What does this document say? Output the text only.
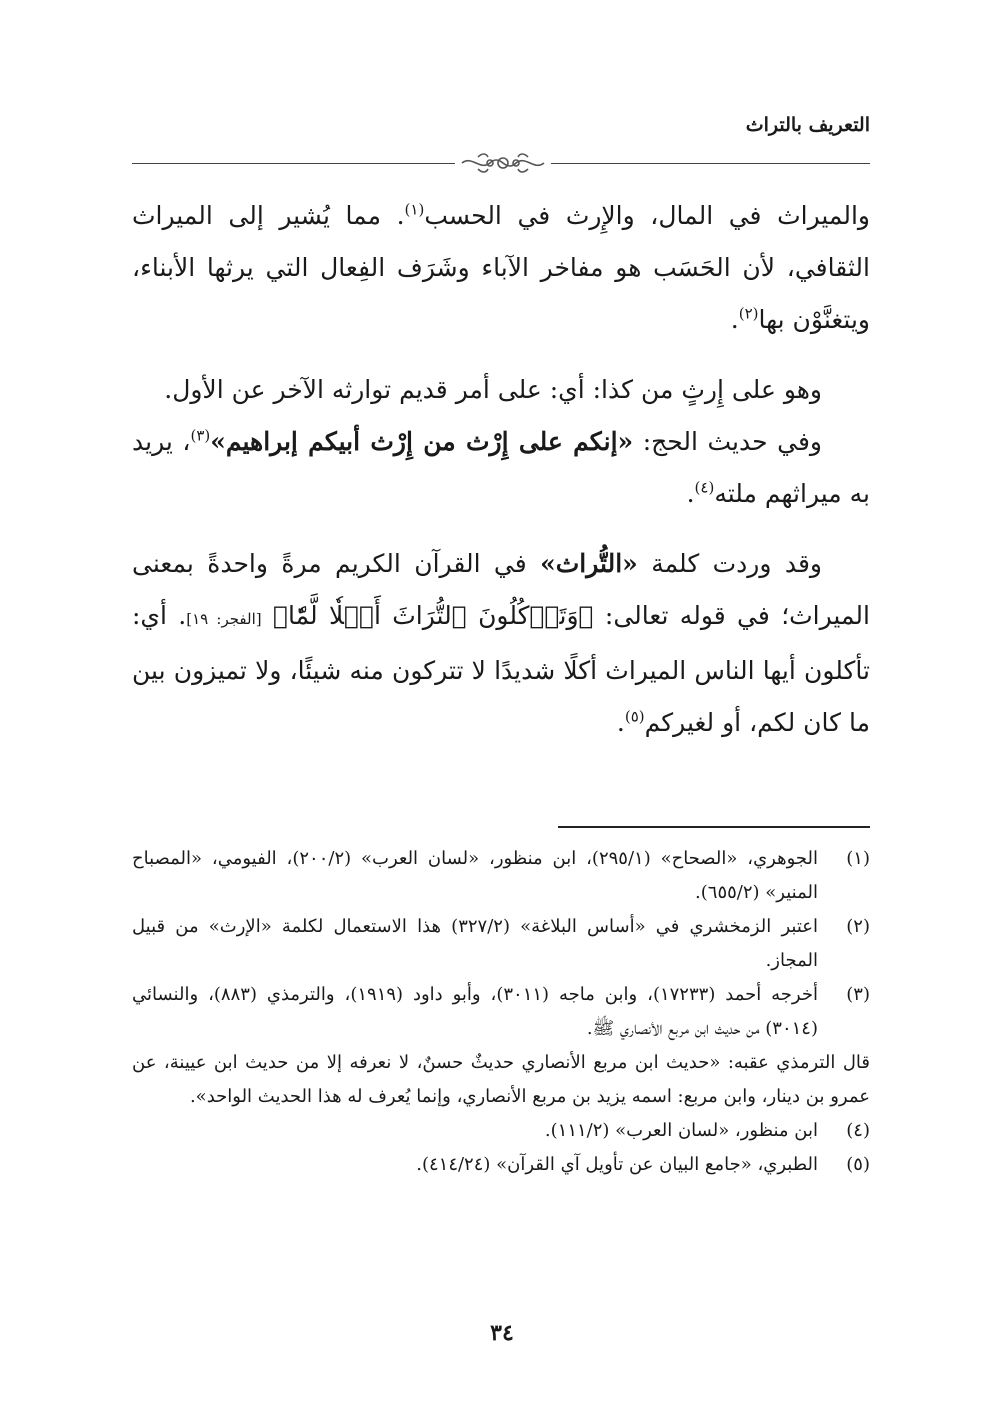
التعريف بالتراث

والميراث في المال، والإِرث في الحسب$^{(١)}$. مما يُشير إلى الميراث الثقافي، لأن الحَسَب هو مفاخر الآباء وشَرَف الفِعال التي يرثها الأبناء، ويتغنَّوْن بها$^{(٢)}$.

وهو على إِرثٍ من كذا: أي: على أمر قديم توارثه الآخر عن الأول.

وفي حديث الحج: «إنكم على إِرْث من إِرْث أبيكم إبراهيم»$^{(٣)}$، يريد به ميراثهم ملته$^{(٤)}$.

وقد وردت كلمة «التُّراث» في القرآن الكريم مرةً واحدةً بمعنى الميراث؛ في قوله تعالى: ﴿وَتَأۡكُلُونَ ٱلتُّرَاثَ أَكۡلٗا لَّمّٗا﴾ [الفجر: ١٩]. أي: تأكلون أيها الناس الميراث أكلًا شديدًا لا تتركون منه شيئًا، ولا تميزون بين ما كان لكم، أو لغيركم$^{(٥)}$.

(١)
الجوهري، «الصحاح» (٢٩٥/١)، ابن منظور، «لسان العرب» (٢٠٠/٢)، الفيومي، «المصباح المنير» (٦٥٥/٢).
(٢)
اعتبر الزمخشري في «أساس البلاغة» (٣٢٧/٢) هذا الاستعمال لكلمة «الإرث» من قبيل المجاز.
(٣)
أخرجه أحمد (١٧٢٣٣)، وابن ماجه (٣٠١١)، وأبو داود (١٩١٩)، والترمذي (٨٨٣)، والنسائي (٣٠١٤) من حديث ابن مربع الأنصاري ﷺ.
قال الترمذي عقبه: «حديث ابن مربع الأنصاري حديثٌ حسنٌ، لا نعرفه إلا من حديث ابن عيينة، عن عمرو بن دينار، وابن مربع: اسمه يزيد بن مربع الأنصاري، وإنما يُعرف له هذا الحديث الواحد».
(٤)
ابن منظور، «لسان العرب» (١١١/٢).
(٥)
الطبري، «جامع البيان عن تأويل آي القرآن» (٤١٤/٢٤).
٣٤
